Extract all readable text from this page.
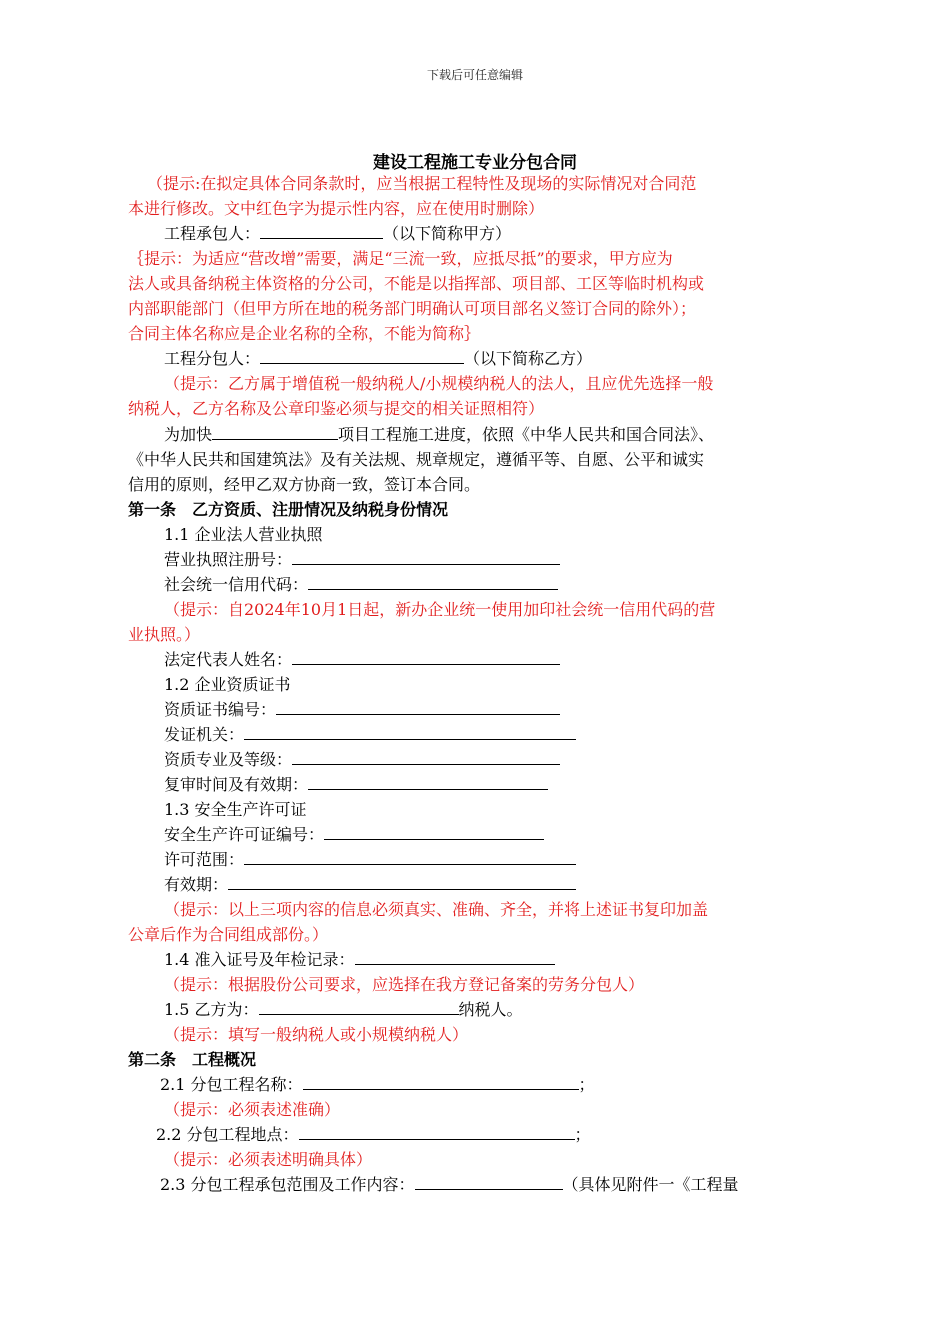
下载后可任意编辑
建设工程施工专业分包合同
（提示:在拟定具体合同条款时，应当根据工程特性及现场的实际情况对合同范
本进行修改。文中红色字为提示性内容，应在使用时删除）
工程承包人：	（以下简称甲方）
｛提示：为适应“营改增”需要，满足“三流一致，应抵尽抵”的要求，甲方应为
法人或具备纳税主体资格的分公司，不能是以指挥部、项目部、工区等临时机构或
内部职能部门（但甲方所在地的税务部门明确认可项目部名义签订合同的除外）；
合同主体名称应是企业名称的全称，不能为简称｝
工程分包人：	（以下简称乙方）
（提示：乙方属于增值税一般纳税人/小规模纳税人的法人，且应优先选择一般
纳税人，乙方名称及公章印鉴必须与提交的相关证照相符）
为加快	项目工程施工进度，依照《中华人民共和国合同法》、
《中华人民共和国建筑法》及有关法规、规章规定，遵循平等、自愿、公平和诚实
信用的原则，经甲乙双方协商一致，签订本合同。
第一条　乙方资质、注册情况及纳税身份情况
1.1 企业法人营业执照
营业执照注册号：
社会统一信用代码：
（提示：自2024年10月1日起，新办企业统一使用加印社会统一信用代码的营
业执照。）
法定代表人姓名：
1.2 企业资质证书
资质证书编号：
发证机关：
资质专业及等级：
复审时间及有效期：
1.3 安全生产许可证
安全生产许可证编号：
许可范围：
有效期：
（提示：以上三项内容的信息必须真实、准确、齐全，并将上述证书复印加盖
公章后作为合同组成部份。）
1.4 准入证号及年检记录：
（提示：根据股份公司要求，应选择在我方登记备案的劳务分包人）
1.5 乙方为：	纳税人。
（提示：填写一般纳税人或小规模纳税人）
第二条　工程概况
2.1 分包工程名称：	；
（提示：必须表述准确）
2.2 分包工程地点：	；
（提示：必须表述明确具体）
2.3 分包工程承包范围及工作内容：	（具体见附件一《工程量
